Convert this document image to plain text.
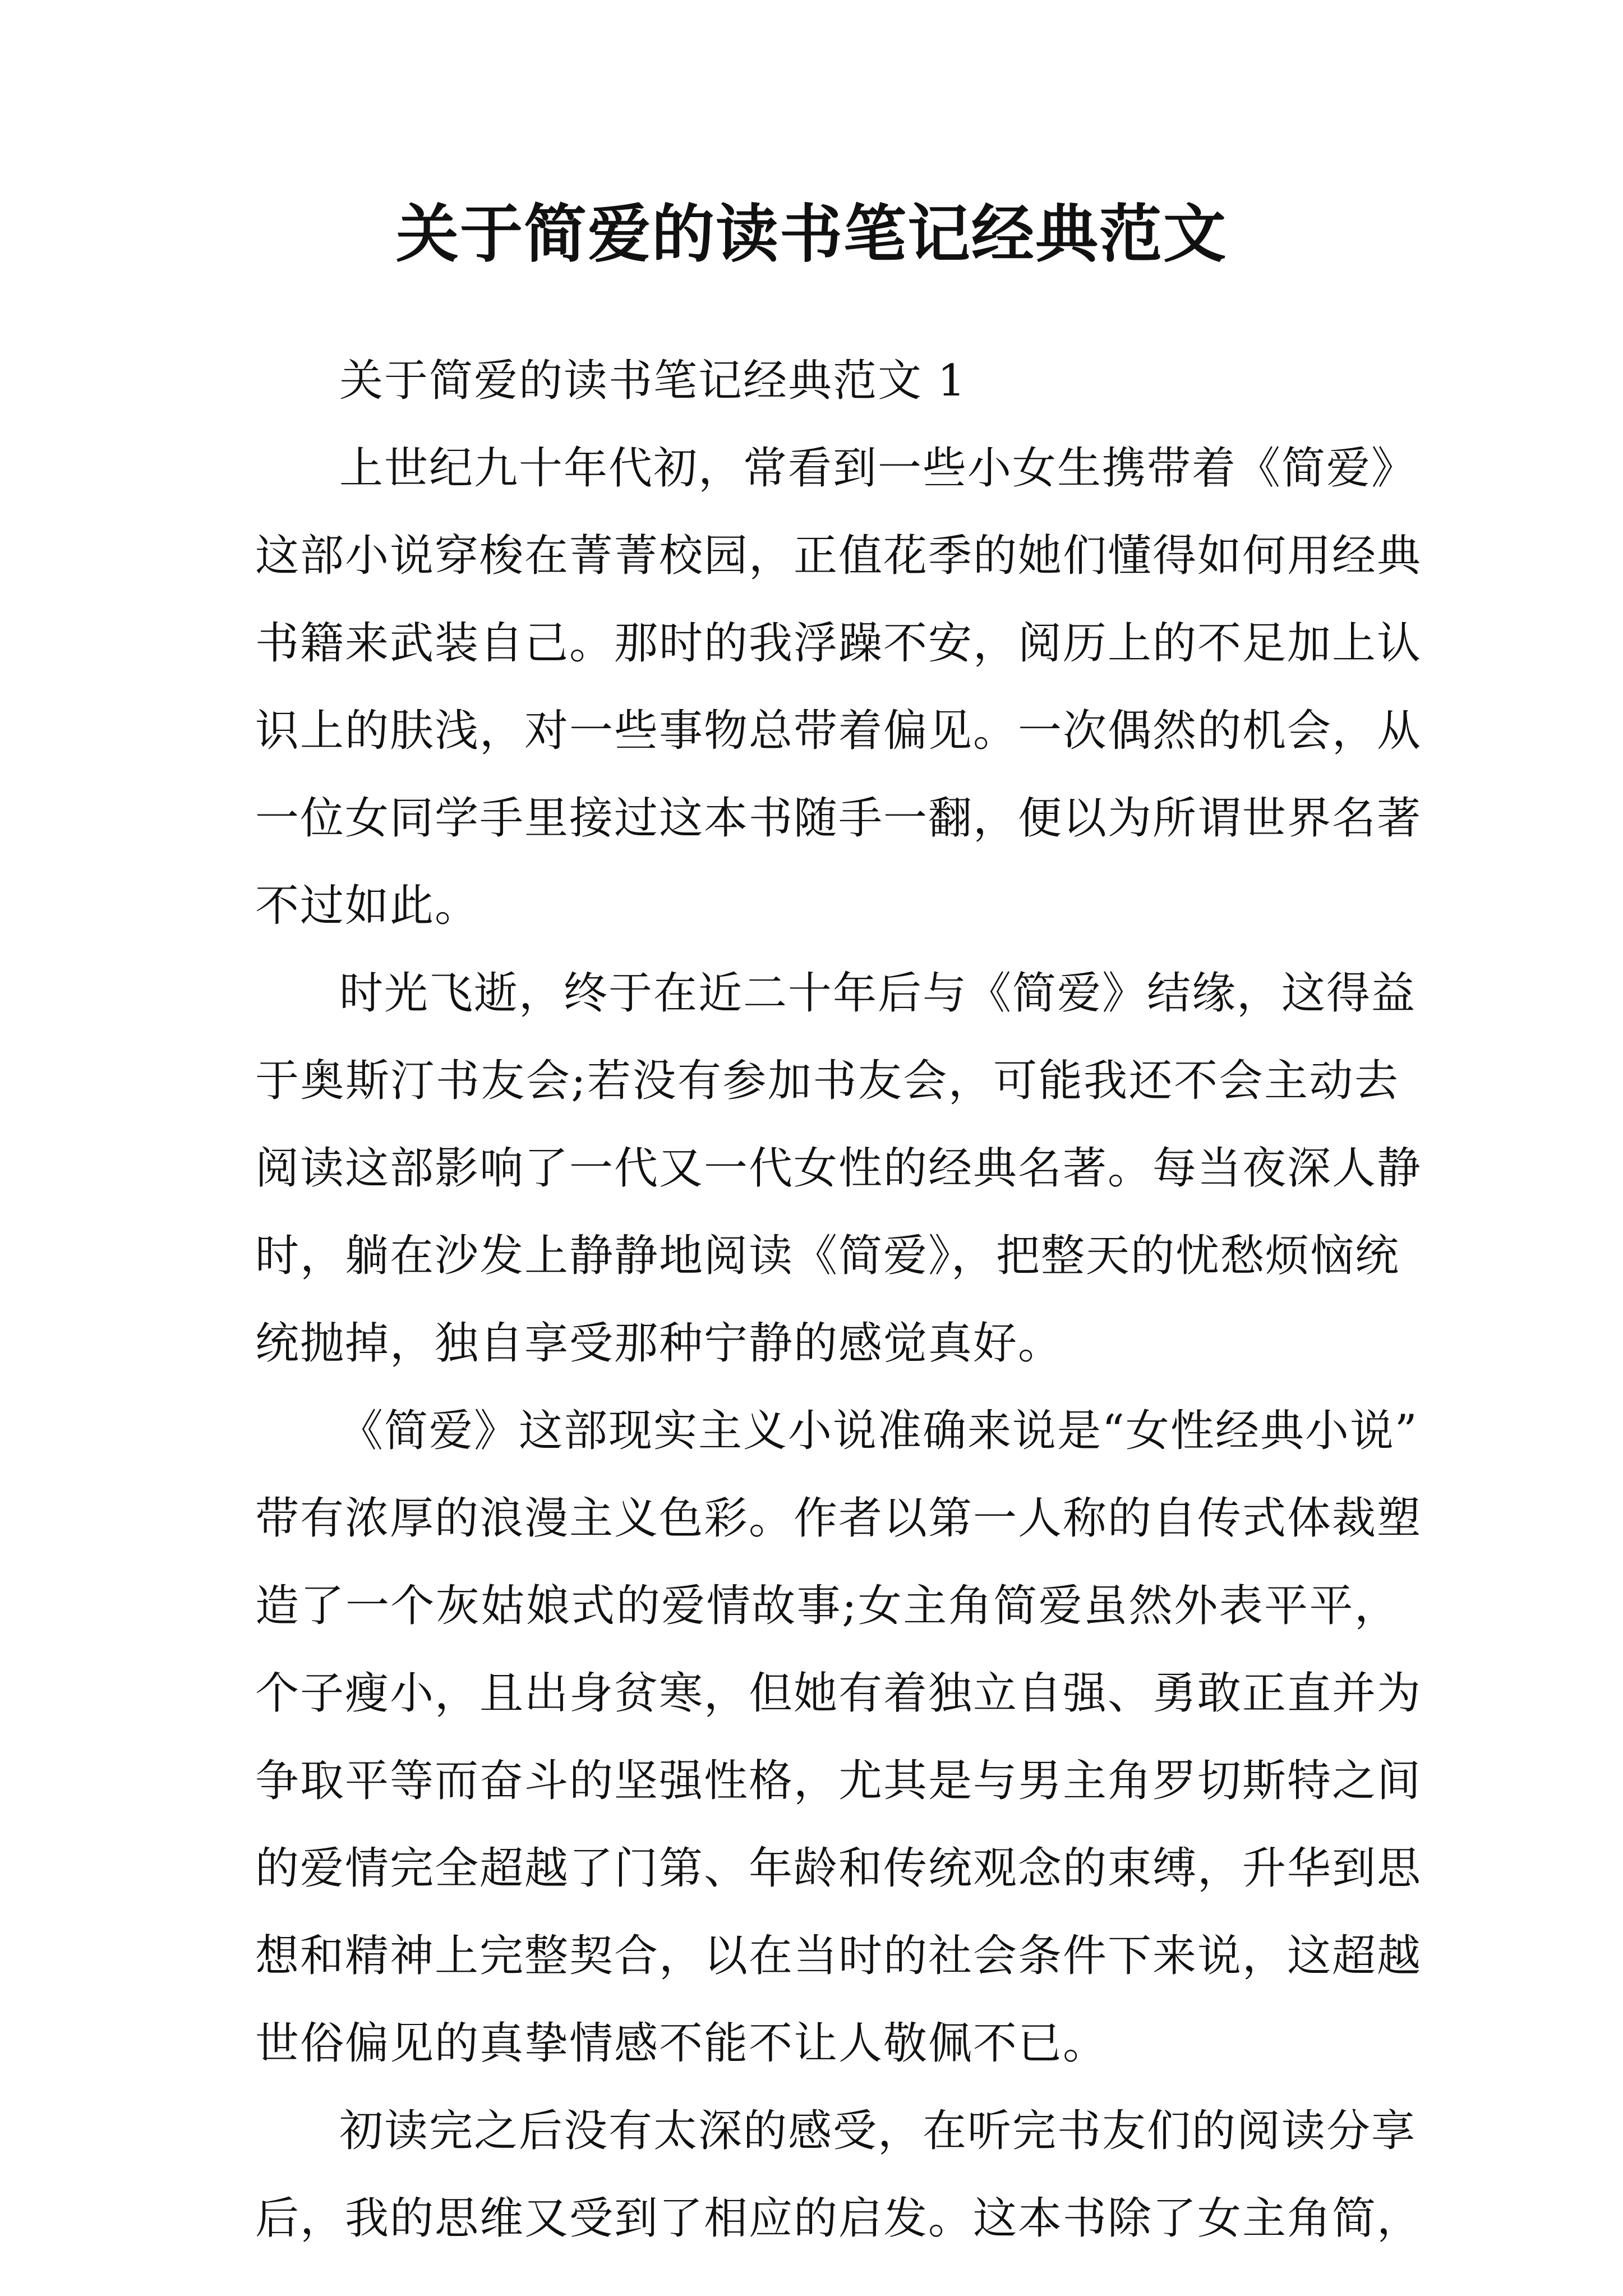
关于简爱的读书笔记经典范文
关于简爱的读书笔记经典范文 1
上世纪九十年代初，常看到一些小女生携带着《简爱》
这部小说穿梭在菁菁校园，正值花季的她们懂得如何用经典
书籍来武装自己。那时的我浮躁不安，阅历上的不足加上认
识上的肤浅，对一些事物总带着偏见。一次偶然的机会，从
一位女同学手里接过这本书随手一翻，便以为所谓世界名著
不过如此。
时光飞逝，终于在近二十年后与《简爱》结缘，这得益
于奥斯汀书友会;若没有参加书友会，可能我还不会主动去
阅读这部影响了一代又一代女性的经典名著。每当夜深人静
时，躺在沙发上静静地阅读《简爱》，把整天的忧愁烦恼统
统抛掉，独自享受那种宁静的感觉真好。
《简爱》这部现实主义小说准确来说是“女性经典小说”
带有浓厚的浪漫主义色彩。作者以第一人称的自传式体裁塑
造了一个灰姑娘式的爱情故事;女主角简爱虽然外表平平，
个子瘦小，且出身贫寒，但她有着独立自强、勇敢正直并为
争取平等而奋斗的坚强性格，尤其是与男主角罗切斯特之间
的爱情完全超越了门第、年龄和传统观念的束缚，升华到思
想和精神上完整契合，以在当时的社会条件下来说，这超越
世俗偏见的真挚情感不能不让人敬佩不已。
初读完之后没有太深的感受，在听完书友们的阅读分享
后，我的思维又受到了相应的启发。这本书除了女主角简，
